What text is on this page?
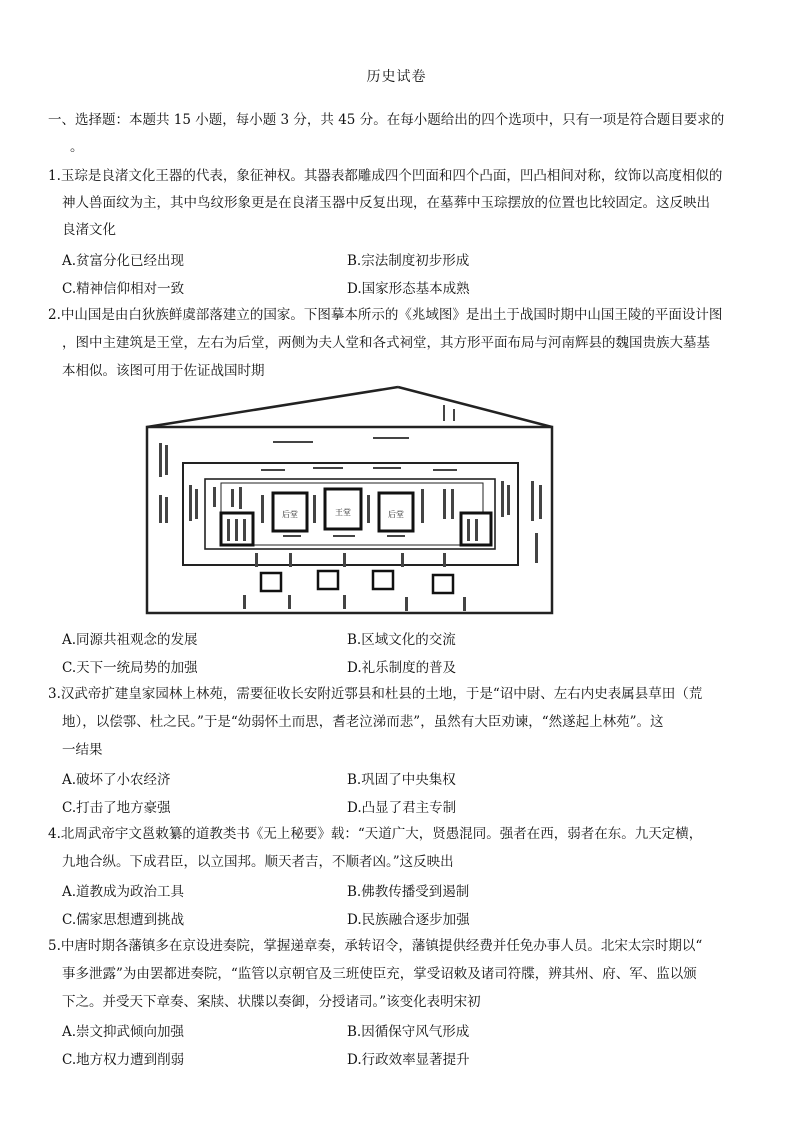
历史试卷
一、选择题：本题共 15 小题，每小题 3 分，共 45 分。在每小题给出的四个选项中，只有一项是符合题目要求的
。
1.玉琮是良渚文化王器的代表，象征神权。其器表都雕成四个凹面和四个凸面，凹凸相间对称，纹饰以高度相似的
神人兽面纹为主，其中鸟纹形象更是在良渚玉器中反复出现，在墓葬中玉琮摆放的位置也比较固定。这反映出
良渚文化
A.贫富分化已经出现	B.宗法制度初步形成
C.精神信仰相对一致	D.国家形态基本成熟
2.中山国是由白狄族鲜虞部落建立的国家。下图摹本所示的《兆域图》是出土于战国时期中山国王陵的平面设计图
，图中主建筑是王堂，左右为后堂，两侧为夫人堂和各式祠堂，其方形平面布局与河南辉县的魏国贵族大墓基
本相似。该图可用于佐证战国时期
王堂
后堂	后堂
A.同源共祖观念的发展	B.区域文化的交流
C.天下一统局势的加强	D.礼乐制度的普及
3.汉武帝扩建皇家园林上林苑，需要征收长安附近鄠县和杜县的土地，于是“诏中尉、左右内史表属县草田（荒
地），以偿鄠、杜之民。”于是“幼弱怀土而思，耆老泣涕而悲”，虽然有大臣劝谏，“然遂起上林苑”。这
一结果
A.破坏了小农经济	B.巩固了中央集权
C.打击了地方豪强	D.凸显了君主专制
4.北周武帝宇文邕敕纂的道教类书《无上秘要》载：“天道广大，贤愚混同。强者在西，弱者在东。九天定横，
九地合纵。下成君臣，以立国邦。顺天者吉，不顺者凶。”这反映出
A.道教成为政治工具	B.佛教传播受到遏制
C.儒家思想遭到挑战	D.民族融合逐步加强
5.中唐时期各藩镇多在京设进奏院，掌握递章奏，承转诏令，藩镇提供经费并任免办事人员。北宋太宗时期以“
事多泄露”为由罢都进奏院，“监管以京朝官及三班使臣充，掌受诏敕及诸司符牒，辨其州、府、军、监以颁
下之。并受天下章奏、案牍、状牒以奏御，分授诸司。”该变化表明宋初
A.崇文抑武倾向加强	B.因循保守风气形成
C.地方权力遭到削弱	D.行政效率显著提升
